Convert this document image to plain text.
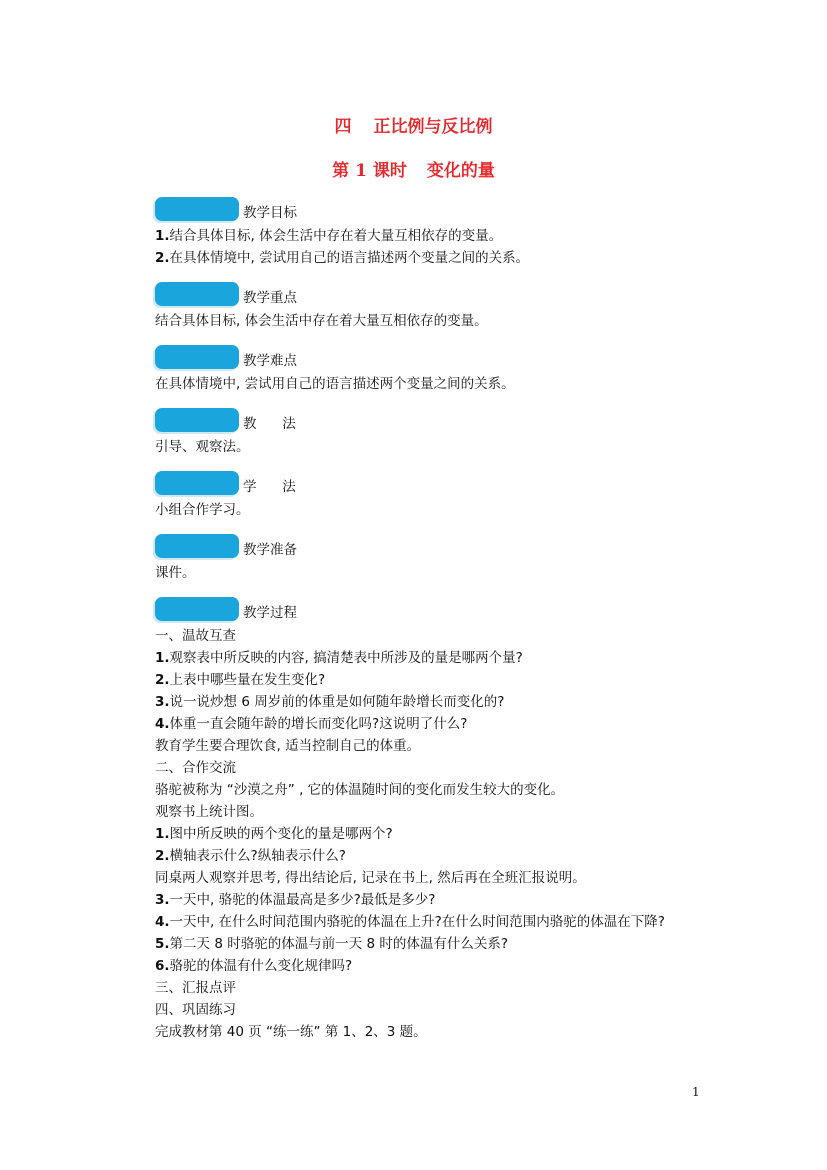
四 正比例与反比例
第 1 课时 变化的量
教学目标
1.结合具体目标, 体会生活中存在着大量互相依存的变量。
2.在具体情境中, 尝试用自己的语言描述两个变量之间的关系。
教学重点
结合具体目标, 体会生活中存在着大量互相依存的变量。
教学难点
在具体情境中, 尝试用自己的语言描述两个变量之间的关系。
教      法
引导、观察法。
学      法
小组合作学习。
教学准备
课件。
教学过程
一、温故互查
1.观察表中所反映的内容, 搞清楚表中所涉及的量是哪两个量?
2.上表中哪些量在发生变化?
3.说一说炒想 6 周岁前的体重是如何随年龄增长而变化的?
4.体重一直会随年龄的增长而变化吗?这说明了什么?
教育学生要合理饮食, 适当控制自己的体重。
二、合作交流
骆驼被称为 “沙漠之舟” , 它的体温随时间的变化而发生较大的变化。
观察书上统计图。
1.图中所反映的两个变化的量是哪两个?
2.横轴表示什么?纵轴表示什么?
同桌两人观察并思考, 得出结论后, 记录在书上, 然后再在全班汇报说明。
3.一天中, 骆驼的体温最高是多少?最低是多少?
4.一天中, 在什么时间范围内骆驼的体温在上升?在什么时间范围内骆驼的体温在下降?
5.第二天 8 时骆驼的体温与前一天 8 时的体温有什么关系?
6.骆驼的体温有什么变化规律吗?
三、汇报点评
四、巩固练习
完成教材第 40 页 “练一练” 第 1、2、3 题。
1
